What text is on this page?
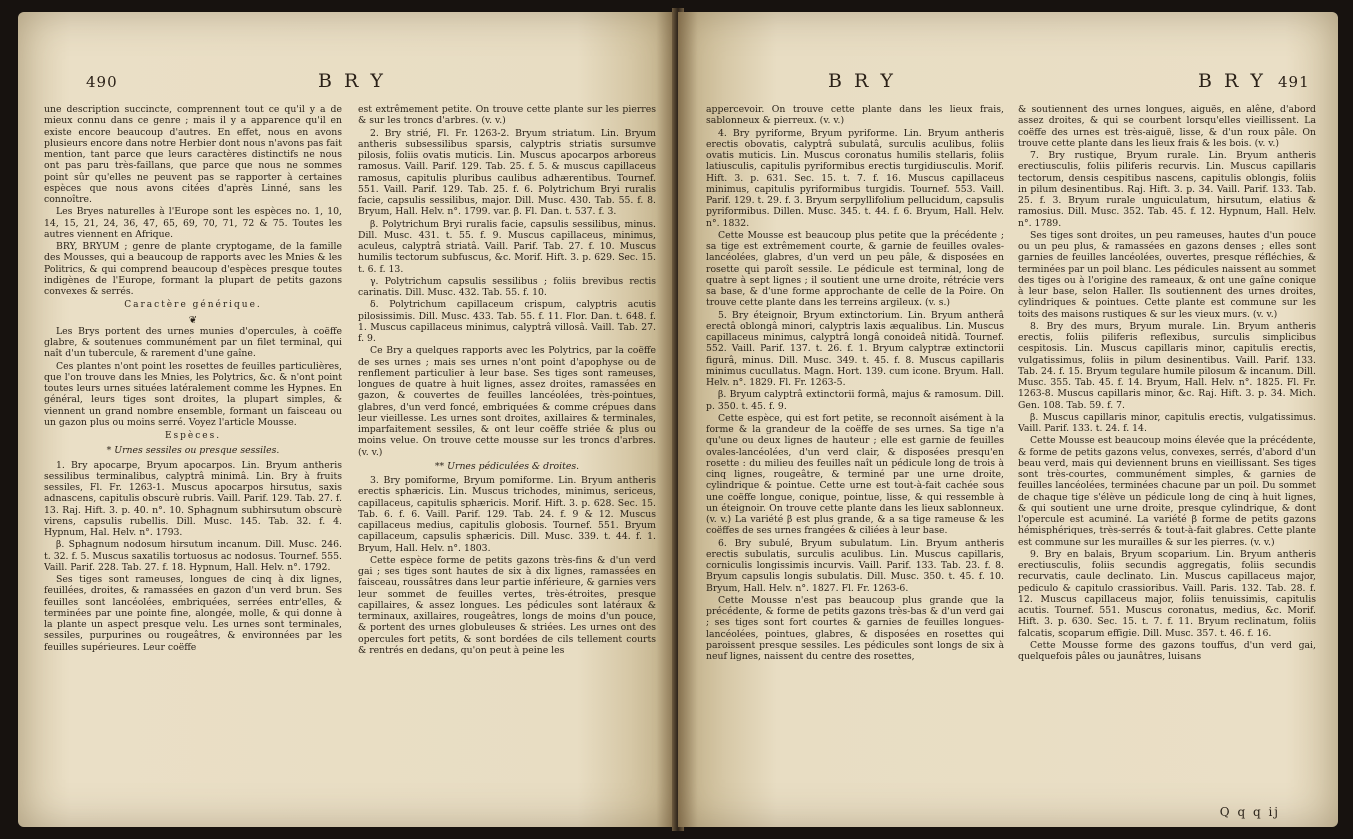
490	B R Y

une description succincte, comprennent tout ce qu'il y a de mieux connu dans ce genre ; mais il y a apparence qu'il en existe encore beaucoup d'autres. En effet, nous en avons plusieurs encore dans notre Herbier dont nous n'avons pas fait mention, tant parce que leurs caractères distinctifs ne nous ont pas paru très-faillans, que parce que nous ne sommes point sûr qu'elles ne peuvent pas se rapporter à certaines espèces que nous avons citées d'après Linné, sans les connoître.

Les Bryes naturelles à l'Europe sont les espèces no. 1, 10, 14, 15, 21, 24, 36, 47, 65, 69, 70, 71, 72 & 75. Toutes les autres viennent en Afrique.

BRY, BRYUM ; genre de plante cryptogame, de la famille des Mousses, qui a beaucoup de rapports avec les Mnies & les Politrics, & qui comprend beaucoup d'espèces presque toutes indigènes de l'Europe, formant la plupart de petits gazons convexes & serrés.

Caractère générique.

❦

Les Brys portent des urnes munies d'opercules, à coëffe glabre, & soutenues communément par un filet terminal, qui naît d'un tubercule, & rarement d'une gaîne.

Ces plantes n'ont point les rosettes de feuilles particulières, que l'on trouve dans les Mnies, les Polytrics, &c. & n'ont point toutes leurs urnes situées latéralement comme les Hypnes. En général, leurs tiges sont droites, la plupart simples, & viennent un grand nombre ensemble, formant un faisceau ou un gazon plus ou moins serré. Voyez l'article Mousse.

Espèces.

* Urnes sessiles ou presque sessiles.

1. Bry apocarpe, Bryum apocarpos. Lin. Bryum antheris sessilibus terminalibus, calyptrâ minimâ. Lin. Bry à fruits sessiles, Fl. Fr. 1263-1. Muscus apocarpos hirsutus, saxis adnascens, capitulis obscurè rubris. Vaill. Parif. 129. Tab. 27. f. 13. Raj. Hift. 3. p. 40. n°. 10. Sphagnum subhirsutum obscurè virens, capsulis rubellis. Dill. Musc. 145. Tab. 32. f. 4. Hypnum, Hal. Helv. n°. 1793.

β. Sphagnum nodosum hirsutum incanum. Dill. Musc. 246. t. 32. f. 5. Muscus saxatilis tortuosus ac nodosus. Tournef. 555. Vaill. Parif. 228. Tab. 27. f. 18. Hypnum, Hall. Helv. n°. 1792.

Ses tiges sont rameuses, longues de cinq à dix lignes, feuillées, droites, & ramassées en gazon d'un verd brun. Ses feuilles sont lancéolées, embriquées, serrées entr'elles, & terminées par une pointe fine, alongée, molle, & qui donne à la plante un aspect presque velu. Les urnes sont terminales, sessiles, purpurines ou rougeâtres, & environnées par les feuilles supérieures. Leur coëffe

est extrêmement petite. On trouve cette plante sur les pierres & sur les troncs d'arbres. (v. v.)

2. Bry strié, Fl. Fr. 1263-2. Bryum striatum. Lin. Bryum antheris subsessilibus sparsis, calyptris striatis sursumve pilosis, foliis ovatis muticis. Lin. Muscus apocarpos arboreus ramosus. Vaill. Parif. 129. Tab. 25. f. 5. & muscus capillaceus ramosus, capitulis pluribus caulibus adhærentibus. Tournef. 551. Vaill. Parif. 129. Tab. 25. f. 6. Polytrichum Bryi ruralis facie, capsulis sessilibus, major. Dill. Musc. 430. Tab. 55. f. 8. Bryum, Hall. Helv. n°. 1799. var. β. Fl. Dan. t. 537. f. 3.

β. Polytrichum Bryi ruralis facie, capsulis sessilibus, minus. Dill. Musc. 431. t. 55. f. 9. Muscus capillaceus, minimus, aculeus, calyptrâ striatâ. Vaill. Parif. Tab. 27. f. 10. Muscus humilis tectorum subfuscus, &c. Morif. Hift. 3. p. 629. Sec. 15. t. 6. f. 13.

γ. Polytrichum capsulis sessilibus ; foliis brevibus rectis carinatis. Dill. Musc. 432. Tab. 55. f. 10.

δ. Polytrichum capillaceum crispum, calyptris acutis pilosissimis. Dill. Musc. 433. Tab. 55. f. 11. Flor. Dan. t. 648. f. 1. Muscus capillaceus minimus, calyptrâ villosâ. Vaill. Tab. 27. f. 9.

Ce Bry a quelques rapports avec les Polytrics, par la coëffe de ses urnes ; mais ses urnes n'ont point d'apophyse ou de renflement particulier à leur base. Ses tiges sont rameuses, longues de quatre à huit lignes, assez droites, ramassées en gazon, & couvertes de feuilles lancéolées, très-pointues, glabres, d'un verd foncé, embriquées & comme crépues dans leur vieillesse. Les urnes sont droites, axillaires & terminales, imparfaitement sessiles, & ont leur coëffe striée & plus ou moins velue. On trouve cette mousse sur les troncs d'arbres. (v. v.)

** Urnes pédiculées & droites.

3. Bry pomiforme, Bryum pomiforme. Lin. Bryum antheris erectis sphæricis. Lin. Muscus trichodes, minimus, sericeus, capillaceus, capitulis sphæricis. Morif. Hift. 3. p. 628. Sec. 15. Tab. 6. f. 6. Vaill. Parif. 129. Tab. 24. f. 9 & 12. Muscus capillaceus medius, capitulis globosis. Tournef. 551. Bryum capillaceum, capsulis sphæricis. Dill. Musc. 339. t. 44. f. 1. Bryum, Hall. Helv. n°. 1803.

Cette espèce forme de petits gazons très-fins & d'un verd gai ; ses tiges sont hautes de six à dix lignes, ramassées en faisceau, roussâtres dans leur partie inférieure, & garnies vers leur sommet de feuilles vertes, très-étroites, presque capillaires, & assez longues. Les pédicules sont latéraux & terminaux, axillaires, rougeâtres, longs de moins d'un pouce, & portent des urnes globuleuses & striées. Les urnes ont des opercules fort petits, & sont bordées de cils tellement courts & rentrés en dedans, qu'on peut à peine les

B R Y	B R Y 491

appercevoir. On trouve cette plante dans les lieux frais, sablonneux & pierreux. (v. v.)

4. Bry pyriforme, Bryum pyriforme. Lin. Bryum antheris erectis obovatis, calyptrâ subulatâ, surculis aculibus, foliis ovatis muticis. Lin. Muscus coronatus humilis stellaris, foliis latiusculis, capitulis pyriformibus erectis turgidiusculis. Morif. Hift. 3. p. 631. Sec. 15. t. 7. f. 16. Muscus capillaceus minimus, capitulis pyriformibus turgidis. Tournef. 553. Vaill. Parif. 129. t. 29. f. 3. Bryum serpyllifolium pellucidum, capsulis pyriformibus. Dillen. Musc. 345. t. 44. f. 6. Bryum, Hall. Helv. n°. 1832.

Cette Mousse est beaucoup plus petite que la précédente ; sa tige est extrêmement courte, & garnie de feuilles ovales-lancéolées, glabres, d'un verd un peu pâle, & disposées en rosette qui paroît sessile. Le pédicule est terminal, long de quatre à sept lignes ; il soutient une urne droite, rétrécie vers sa base, & d'une forme approchante de celle de la Poire. On trouve cette plante dans les terreins argileux. (v. s.)

5. Bry éteignoir, Bryum extinctorium. Lin. Bryum antherâ erectâ oblongâ minori, calyptris laxis æqualibus. Lin. Muscus capillaceus minimus, calyptrâ longâ conoideâ nitidâ. Tournef. 552. Vaill. Parif. 137. t. 26. f. 1. Bryum calyptræ extinctorii figurâ, minus. Dill. Musc. 349. t. 45. f. 8. Muscus capillaris minimus cucullatus. Magn. Hort. 139. cum icone. Bryum. Hall. Helv. n°. 1829. Fl. Fr. 1263-5.

β. Bryum calyptrâ extinctorii formâ, majus & ramosum. Dill. p. 350. t. 45. f. 9.

Cette espèce, qui est fort petite, se reconnoît aisément à la forme & la grandeur de la coëffe de ses urnes. Sa tige n'a qu'une ou deux lignes de hauteur ; elle est garnie de feuilles ovales-lancéolées, d'un verd clair, & disposées presqu'en rosette : du milieu des feuilles naît un pédicule long de trois à cinq lignes, rougeâtre, & terminé par une urne droite, cylindrique & pointue. Cette urne est tout-à-fait cachée sous une coëffe longue, conique, pointue, lisse, & qui ressemble à un éteignoir. On trouve cette plante dans les lieux sablonneux. (v. v.) La variété β est plus grande, & a sa tige rameuse & les coëffes de ses urnes frangées & ciliées à leur base.

6. Bry subulé, Bryum subulatum. Lin. Bryum antheris erectis subulatis, surculis aculibus. Lin. Muscus capillaris, corniculis longissimis incurvis. Vaill. Parif. 133. Tab. 23. f. 8. Bryum capsulis longis subulatis. Dill. Musc. 350. t. 45. f. 10. Bryum, Hall. Helv. n°. 1827. Fl. Fr. 1263-6.

Cette Mousse n'est pas beaucoup plus grande que la précédente, & forme de petits gazons très-bas & d'un verd gai ; ses tiges sont fort courtes & garnies de feuilles longues-lancéolées, pointues, glabres, & disposées en rosettes qui paroissent presque sessiles. Les pédicules sont longs de six à neuf lignes, naissent du centre des rosettes,

& soutiennent des urnes longues, aiguës, en alêne, d'abord assez droites, & qui se courbent lorsqu'elles vieillissent. La coëffe des urnes est très-aiguë, lisse, & d'un roux pâle. On trouve cette plante dans les lieux frais & les bois. (v. v.)

7. Bry rustique, Bryum rurale. Lin. Bryum antheris erectiusculis, foliis piliferis recurvis. Lin. Muscus capillaris tectorum, densis cespitibus nascens, capitulis oblongis, foliis in pilum desinentibus. Raj. Hift. 3. p. 34. Vaill. Parif. 133. Tab. 25. f. 3. Bryum rurale unguiculatum, hirsutum, elatius & ramosius. Dill. Musc. 352. Tab. 45. f. 12. Hypnum, Hall. Helv. n°. 1789.

Ses tiges sont droites, un peu rameuses, hautes d'un pouce ou un peu plus, & ramassées en gazons denses ; elles sont garnies de feuilles lancéolées, ouvertes, presque réfléchies, & terminées par un poil blanc. Les pédicules naissent au sommet des tiges ou à l'origine des rameaux, & ont une gaîne conique à leur base, selon Haller. Ils soutiennent des urnes droites, cylindriques & pointues. Cette plante est commune sur les toits des maisons rustiques & sur les vieux murs. (v. v.)

8. Bry des murs, Bryum murale. Lin. Bryum antheris erectis, foliis piliferis reflexibus, surculis simplicibus cespitosis. Lin. Muscus capillaris minor, capitulis erectis, vulgatissimus, foliis in pilum desinentibus. Vaill. Parif. 133. Tab. 24. f. 15. Bryum tegulare humile pilosum & incanum. Dill. Musc. 355. Tab. 45. f. 14. Bryum, Hall. Helv. n°. 1825. Fl. Fr. 1263-8. Muscus capillaris minor, &c. Raj. Hift. 3. p. 34. Mich. Gen. 108. Tab. 59. f. 7.

β. Muscus capillaris minor, capitulis erectis, vulgatissimus. Vaill. Parif. 133. t. 24. f. 14.

Cette Mousse est beaucoup moins élevée que la précédente, & forme de petits gazons velus, convexes, serrés, d'abord d'un beau verd, mais qui deviennent bruns en vieillissant. Ses tiges sont très-courtes, communément simples, & garnies de feuilles lancéolées, terminées chacune par un poil. Du sommet de chaque tige s'élève un pédicule long de cinq à huit lignes, & qui soutient une urne droite, presque cylindrique, & dont l'opercule est acuminé. La variété β forme de petits gazons hémisphériques, très-serrés & tout-à-fait glabres. Cette plante est commune sur les murailles & sur les pierres. (v. v.)

9. Bry en balais, Bryum scoparium. Lin. Bryum antheris erectiusculis, foliis secundis aggregatis, foliis secundis recurvatis, caule declinato. Lin. Muscus capillaceus major, pediculo & capitulo crassioribus. Vaill. Paris. 132. Tab. 28. f. 12. Muscus capillaceus major, foliis tenuissimis, capitulis acutis. Tournef. 551. Muscus coronatus, medius, &c. Morif. Hift. 3. p. 630. Sec. 15. t. 7. f. 11. Bryum reclinatum, foliis falcatis, scoparum effigie. Dill. Musc. 357. t. 46. f. 16.

Cette Mousse forme des gazons touffus, d'un verd gai, quelquefois pâles ou jaunâtres, luisans

Q q q ij
